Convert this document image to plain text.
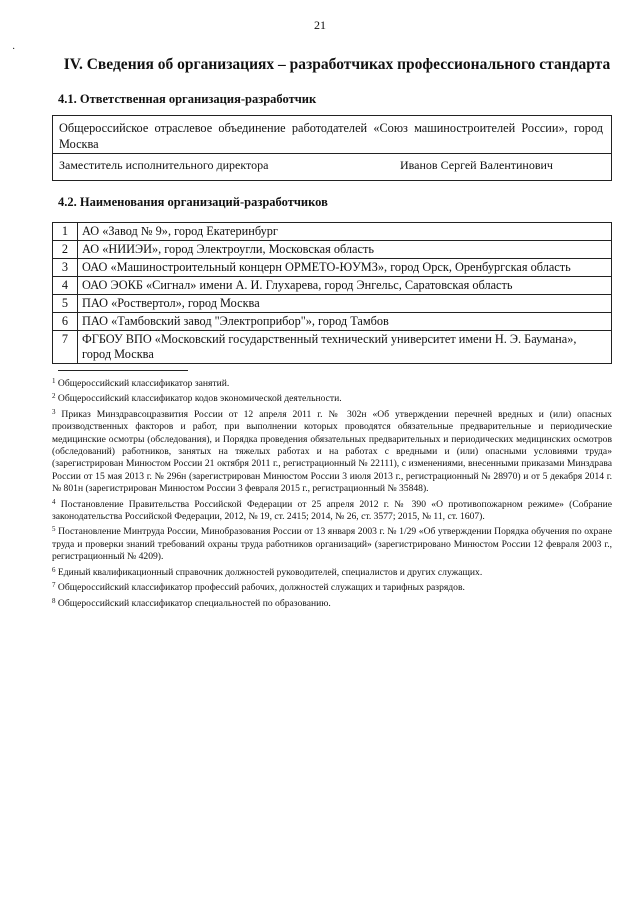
21
·
IV. Сведения об организациях – разработчиках профессионального стандарта
4.1. Ответственная организация-разработчик
Общероссийское отраслевое объединение работодателей «Союз машиностроителей России», город Москва
Заместитель исполнительного директора	Иванов Сергей Валентинович
4.2. Наименования организаций-разработчиков
1	АО «Завод № 9», город Екатеринбург
2	АО «НИИЭИ», город Электроугли, Московская область
3	ОАО «Машиностроительный концерн ОРМЕТО-ЮУМЗ», город Орск, Оренбургская область
4	ОАО ЭОКБ «Сигнал» имени А. И. Глухарева, город Энгельс, Саратовская область
5	ПАО «Роствертол», город Москва
6	ПАО «Тамбовский завод "Электроприбор"», город Тамбов
7	ФГБОУ ВПО «Московский государственный технический университет имени Н. Э. Баумана», город Москва
$^1$ Общероссийский классификатор занятий.
$^2$ Общероссийский классификатор кодов экономической деятельности.
$^3$ Приказ Минздравсоцразвития России от 12 апреля 2011 г. № 302н «Об утверждении перечней вредных и (или) опасных производственных факторов и работ, при выполнении которых проводятся обязательные предварительные и периодические медицинские осмотры (обследования), и Порядка проведения обязательных предварительных и периодических медицинских осмотров (обследований) работников, занятых на тяжелых работах и на работах с вредными и (или) опасными условиями труда» (зарегистрирован Минюстом России 21 октября 2011 г., регистрационный № 22111), с изменениями, внесенными приказами Минздрава России от 15 мая 2013 г. № 296н (зарегистрирован Минюстом России 3 июля 2013 г., регистрационный № 28970) и от 5 декабря 2014 г. № 801н (зарегистрирован Минюстом России 3 февраля 2015 г., регистрационный № 35848).
$^4$ Постановление Правительства Российской Федерации от 25 апреля 2012 г. № 390 «О противопожарном режиме» (Собрание законодательства Российской Федерации, 2012, № 19, ст. 2415; 2014, № 26, ст. 3577; 2015, № 11, ст. 1607).
$^5$ Постановление Минтруда России, Минобразования России от 13 января 2003 г. № 1/29 «Об утверждении Порядка обучения по охране труда и проверки знаний требований охраны труда работников организаций» (зарегистрировано Минюстом России 12 февраля 2003 г., регистрационный № 4209).
$^6$ Единый квалификационный справочник должностей руководителей, специалистов и других служащих.
$^7$ Общероссийский классификатор профессий рабочих, должностей служащих и тарифных разрядов.
$^8$ Общероссийский классификатор специальностей по образованию.
